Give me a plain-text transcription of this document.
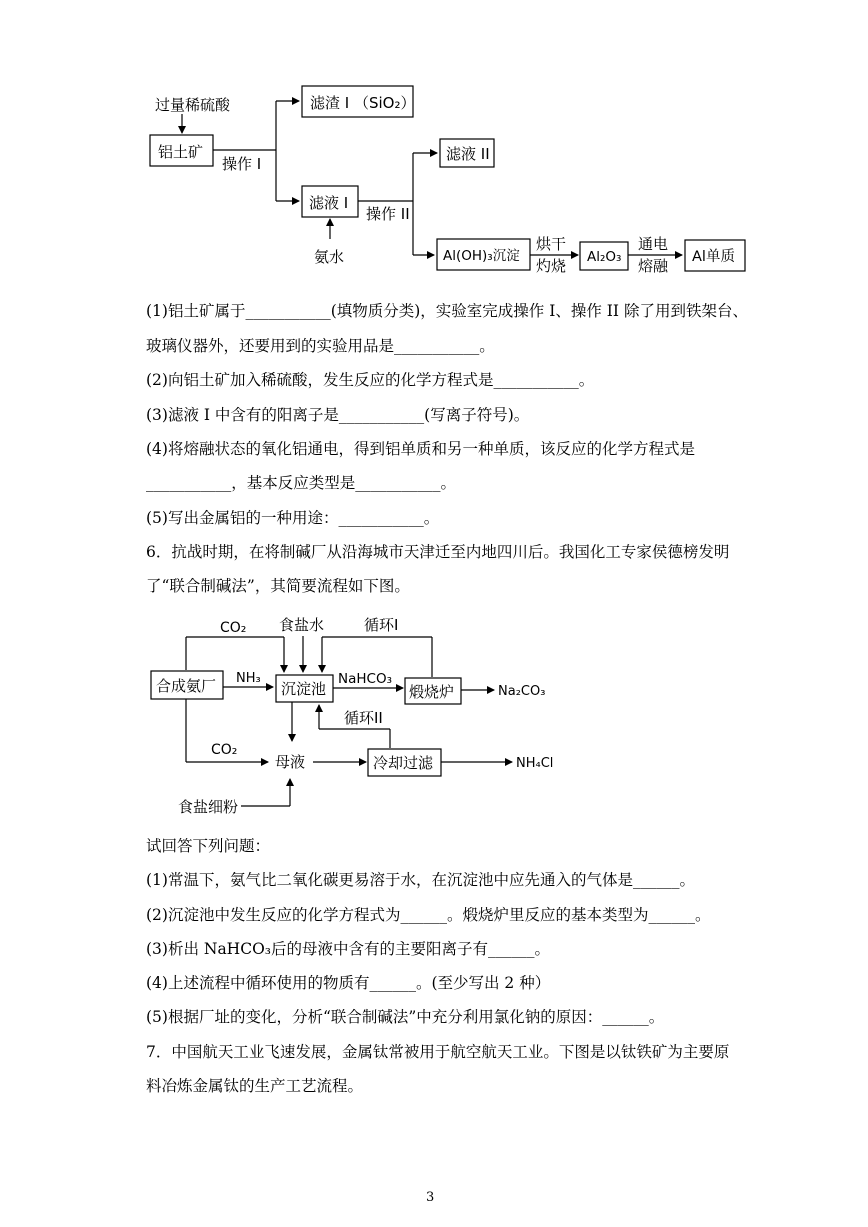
过量稀硫酸
铝土矿
操作 I
滤渣 I （SiO₂）
滤液 I
氨水
操作 II
滤液 II
Al(OH)₃沉淀
烘干
灼烧 Al₂O₃
通电
熔融 Al单质
CO₂ 食盐水	循环I
合成氨厂 NH₃
沉淀池
NaHCO₃
煅烧炉	Na₂CO₃
循环II
CO₂
母液	冷却过滤	NH₄Cl
食盐细粉
(1)铝土矿属于___________(填物质分类)，实验室完成操作 I、操作 II 除了用到铁架台、
玻璃仪器外，还要用到的实验用品是___________。
(2)向铝土矿加入稀硫酸，发生反应的化学方程式是___________。
(3)滤液 I 中含有的阳离子是___________(写离子符号)。
(4)将熔融状态的氧化铝通电，得到铝单质和另一种单质，该反应的化学方程式是
___________，基本反应类型是___________。
(5)写出金属铝的一种用途：___________。
6．抗战时期，在将制碱厂从沿海城市天津迁至内地四川后。我国化工专家侯德榜发明
了“联合制碱法”，其简要流程如下图。
试回答下列问题：
(1)常温下，氨气比二氧化碳更易溶于水，在沉淀池中应先通入的气体是______。
(2)沉淀池中发生反应的化学方程式为______。煅烧炉里反应的基本类型为______。
(3)析出 NaHCO₃后的母液中含有的主要阳离子有______。
(4)上述流程中循环使用的物质有______。(至少写出 2 种）
(5)根据厂址的变化，分析“联合制碱法”中充分利用氯化钠的原因：______。
7．中国航天工业飞速发展，金属钛常被用于航空航天工业。下图是以钛铁矿为主要原
料冶炼金属钛的生产工艺流程。
3
